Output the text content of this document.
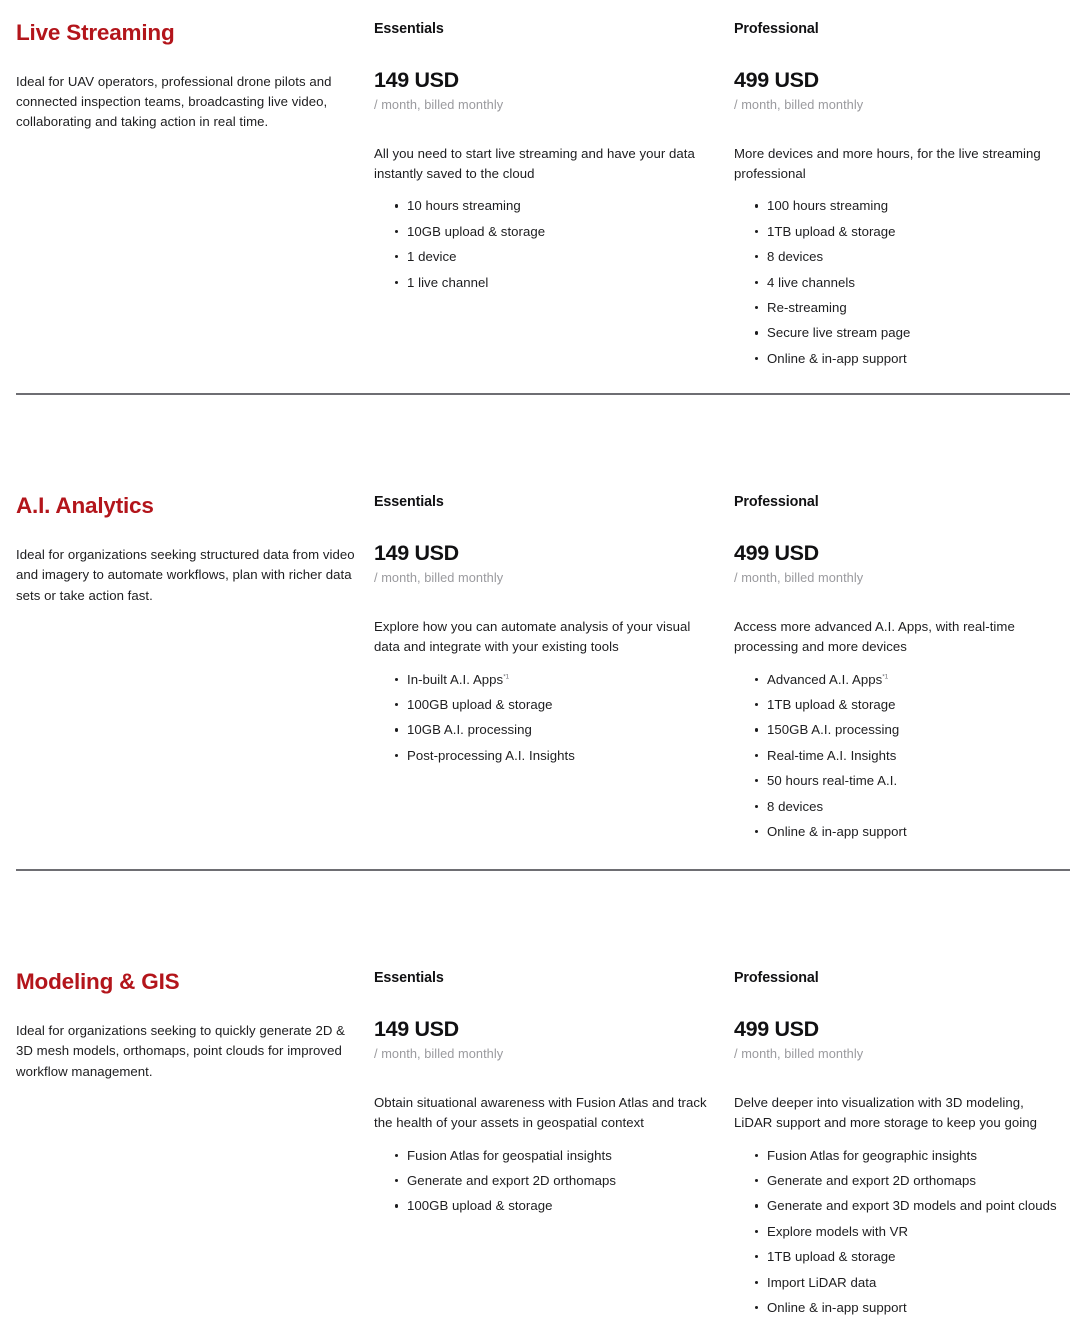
Live Streaming

Ideal for UAV operators, professional drone pilots and connected inspection teams, broadcasting live video, collaborating and taking action in real time.

Essentials
149 USD
/ month, billed monthly

All you need to start live streaming and have your data instantly saved to the cloud

10 hours streaming
10GB upload & storage
1 device
1 live channel
Professional
499 USD
/ month, billed monthly

More devices and more hours, for the live streaming professional

100 hours streaming
1TB upload & storage
8 devices
4 live channels
Re-streaming
Secure live stream page
Online & in-app support
A.I. Analytics

Ideal for organizations seeking structured data from video and imagery to automate workflows, plan with richer data sets or take action fast.

Essentials
149 USD
/ month, billed monthly

Explore how you can automate analysis of your visual data and integrate with your existing tools

In-built A.I. Apps$^{*1}$
100GB upload & storage
10GB A.I. processing
Post-processing A.I. Insights
Professional
499 USD
/ month, billed monthly

Access more advanced A.I. Apps, with real-time processing and more devices

Advanced A.I. Apps$^{*1}$
1TB upload & storage
150GB A.I. processing
Real-time A.I. Insights
50 hours real-time A.I.
8 devices
Online & in-app support
Modeling & GIS

Ideal for organizations seeking to quickly generate 2D & 3D mesh models, orthomaps, point clouds for improved workflow management.

Essentials
149 USD
/ month, billed monthly

Obtain situational awareness with Fusion Atlas and track the health of your assets in geospatial context

Fusion Atlas for geospatial insights
Generate and export 2D orthomaps
100GB upload & storage
Professional
499 USD
/ month, billed monthly

Delve deeper into visualization with 3D modeling, LiDAR support and more storage to keep you going

Fusion Atlas for geographic insights
Generate and export 2D orthomaps
Generate and export 3D models and point clouds
Explore models with VR
1TB upload & storage
Import LiDAR data
Online & in-app support
